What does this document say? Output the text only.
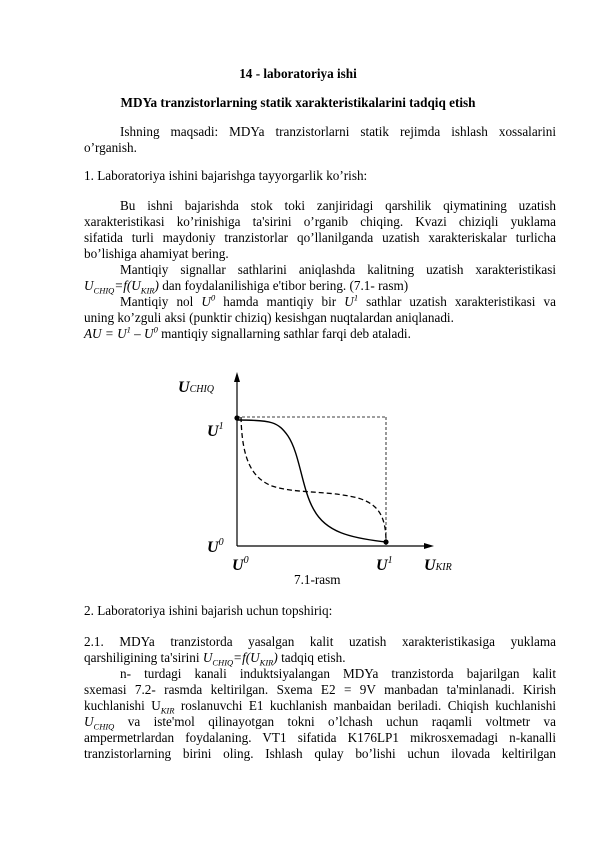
14 - laboratoriya ishi
MDYa tranzistorlarning statik xarakteristikalarini tadqiq etish
Ishning maqsadi: MDYa tranzistorlarni statik rejimda ishlash xossalarini
o’rganish.
1. Laboratoriya ishini bajarishga tayyorgarlik ko’rish:
Bu ishni bajarishda stok toki zanjiridagi qarshilik qiymatining uzatish
xarakteristikasi ko’rinishiga ta'sirini o’rganib chiqing. Kvazi chiziqli yuklama
sifatida turli maydoniy tranzistorlar qo’llanilganda uzatish xarakteriskalar turlicha
bo’lishiga ahamiyat bering.
Mantiqiy signallar sathlarini aniqlashda kalitning uzatish xarakteristikasi
$U_{CHIQ}=f(U_{KIR})$ dan foydalanilishiga e'tibor bering. (7.1- rasm)
Mantiqiy nol $U^0$ hamda mantiqiy bir $U^1$ sathlar uzatish xarakteristikasi va
uning ko’zguli aksi (punktir chiziq) kesishgan nuqtalardan aniqlanadi.
AU = $U^1 - U^0$ mantiqiy signallarning sathlar farqi deb ataladi.
UCHIQ
$U^1$
$U^0$
$U^0$	$U^1$ UKIR
7.1-rasm
2. Laboratoriya ishini bajarish uchun topshiriq:
2.1. MDYa tranzistorda yasalgan kalit uzatish xarakteristikasiga yuklama
qarshiligining ta'sirini $U_{CHIQ}=f(U_{KIR})$ tadqiq etish.
n- turdagi kanali induktsiyalangan MDYa tranzistorda bajarilgan kalit
sxemasi 7.2- rasmda keltirilgan. Sxema E2 = 9V manbadan ta'minlanadi. Kirish
kuchlanishi $U_{KIR}$ roslanuvchi E1 kuchlanish manbaidan beriladi. Chiqish kuchlanishi
$U_{CHIQ}$ va iste'mol qilinayotgan tokni o’lchash uchun raqamli voltmetr va
ampermetrlardan foydalaning. VT1 sifatida K176LP1 mikrosxemadagi n-kanalli
tranzistorlarning birini oling. Ishlash qulay bo’lishi uchun ilovada keltirilgan
